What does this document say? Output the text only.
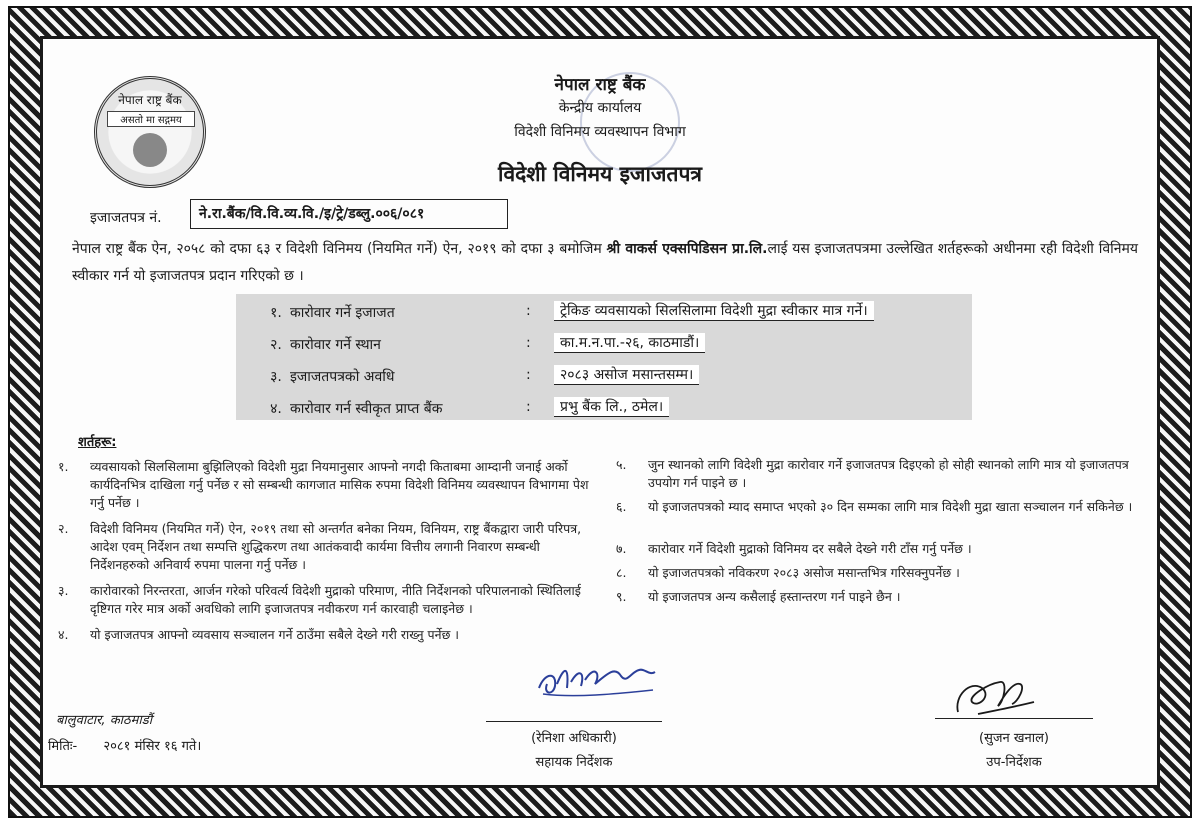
नेपाल राष्ट्र बैंक
असतो मा सद्गमय
नेपाल राष्ट्र बैंक
केन्द्रीय कार्यालय
विदेशी विनिमय व्यवस्थापन विभाग
विदेशी विनिमय इजाजतपत्र
इजाजतपत्र नं.	ने.रा.बैंक/वि.वि.व्य.वि./इ/ट्रे/डब्लु.००६/०८१
नेपाल राष्ट्र बैंक ऐन, २०५८ को दफा ६३ र विदेशी विनिमय (नियमित गर्ने) ऐन, २०१९ को दफा ३ बमोजिम श्री वाकर्स एक्सपिडिसन प्रा.लि.लाई यस इजाजतपत्रमा उल्लेखित शर्तहरूको अधीनमा रही विदेशी विनिमय स्वीकार गर्न यो इजाजतपत्र प्रदान गरिएको छ ।
१. कारोवार गर्ने इजाजत	:	ट्रेकिङ व्यवसायको सिलसिलामा विदेशी मुद्रा स्वीकार मात्र गर्ने।
२. कारोवार गर्ने स्थान	:	का.म.न.पा.-२६, काठमाडौं।
३. इजाजतपत्रको अवधि	:	२०८३ असोज मसान्तसम्म।
४. कारोवार गर्न स्वीकृत प्राप्त बैंक	:	प्रभु बैंक लि., ठमेल।
शर्तहरू:
१. व्यवसायको सिलसिलामा बुझिलिएको विदेशी मुद्रा नियमानुसार आफ्नो नगदी किताबमा आम्दानी जनाई अर्को कार्यदिनभित्र दाखिला गर्नु पर्नेछ र सो सम्बन्धी कागजात मासिक रुपमा विदेशी विनिमय व्यवस्थापन विभागमा पेश गर्नु पर्नेछ ।
२. विदेशी विनिमय (नियमित गर्ने) ऐन, २०१९ तथा सो अन्तर्गत बनेका नियम, विनियम, राष्ट्र बैंकद्वारा जारी परिपत्र, आदेश एवम् निर्देशन तथा सम्पत्ति शुद्धिकरण तथा आतंकवादी कार्यमा वित्तीय लगानी निवारण सम्बन्धी निर्देशनहरुको अनिवार्य रुपमा पालना गर्नु पर्नेछ ।
३. कारोवारको निरन्तरता, आर्जन गरेको परिवर्त्य विदेशी मुद्राको परिमाण, नीति निर्देशनको परिपालनाको स्थितिलाई दृष्टिगत गरेर मात्र अर्को अवधिको लागि इजाजतपत्र नवीकरण गर्न कारवाही चलाइनेछ ।
४. यो इजाजतपत्र आफ्नो व्यवसाय सञ्चालन गर्ने ठाउँमा सबैले देख्ने गरी राख्नु पर्नेछ ।
५. जुन स्थानको लागि विदेशी मुद्रा कारोवार गर्ने इजाजतपत्र दिइएको हो सोही स्थानको लागि मात्र यो इजाजतपत्र उपयोग गर्न पाइने छ ।
६. यो इजाजतपत्रको म्याद समाप्त भएको ३० दिन सम्मका लागि मात्र विदेशी मुद्रा खाता सञ्चालन गर्न सकिनेछ ।
७. कारोवार गर्ने विदेशी मुद्राको विनिमय दर सबैले देख्ने गरी टाँस गर्नु पर्नेछ ।
८. यो इजाजतपत्रको नविकरण २०८३ असोज मसान्तभित्र गरिसक्नुपर्नेछ ।
९. यो इजाजतपत्र अन्य कसैलाई हस्तान्तरण गर्न पाइने छैन ।
बालुवाटार, काठमाडौं
मितिः- २०८१ मंसिर १६ गते।
(रेनिशा अधिकारी)
सहायक निर्देशक
(सुजन खनाल)
उप-निर्देशक
